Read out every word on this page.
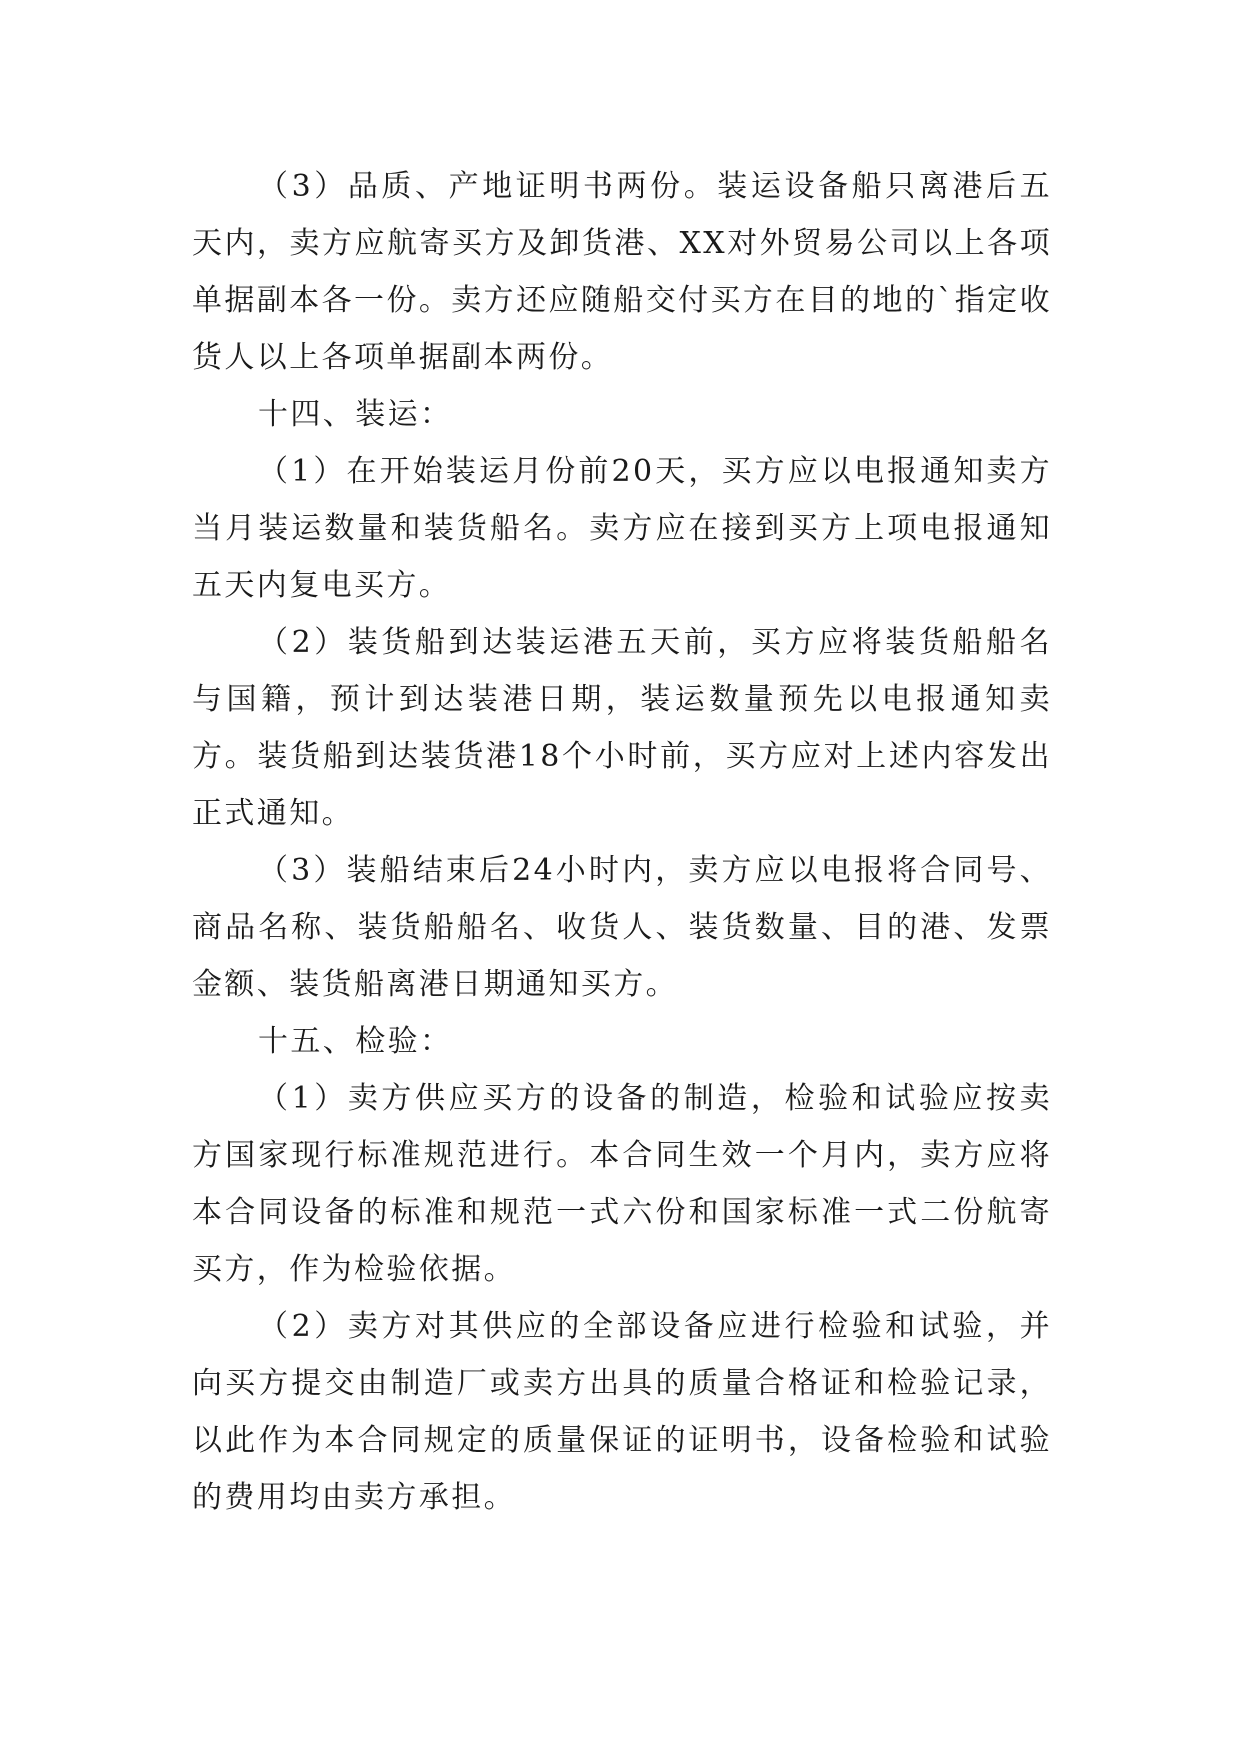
（3）品质、产地证明书两份。装运设备船只离港后五天内，卖方应航寄买方及卸货港、XX对外贸易公司以上各项单据副本各一份。卖方还应随船交付买方在目的地的`指定收货人以上各项单据副本两份。

十四、装运：

（1）在开始装运月份前20天，买方应以电报通知卖方当月装运数量和装货船名。卖方应在接到买方上项电报通知五天内复电买方。

（2）装货船到达装运港五天前，买方应将装货船船名与国籍，预计到达装港日期，装运数量预先以电报通知卖方。装货船到达装货港18个小时前，买方应对上述内容发出正式通知。

（3）装船结束后24小时内，卖方应以电报将合同号、商品名称、装货船船名、收货人、装货数量、目的港、发票金额、装货船离港日期通知买方。

十五、检验：

（1）卖方供应买方的设备的制造，检验和试验应按卖方国家现行标准规范进行。本合同生效一个月内，卖方应将本合同设备的标准和规范一式六份和国家标准一式二份航寄买方，作为检验依据。

（2）卖方对其供应的全部设备应进行检验和试验，并向买方提交由制造厂或卖方出具的质量合格证和检验记录，以此作为本合同规定的质量保证的证明书，设备检验和试验的费用均由卖方承担。
